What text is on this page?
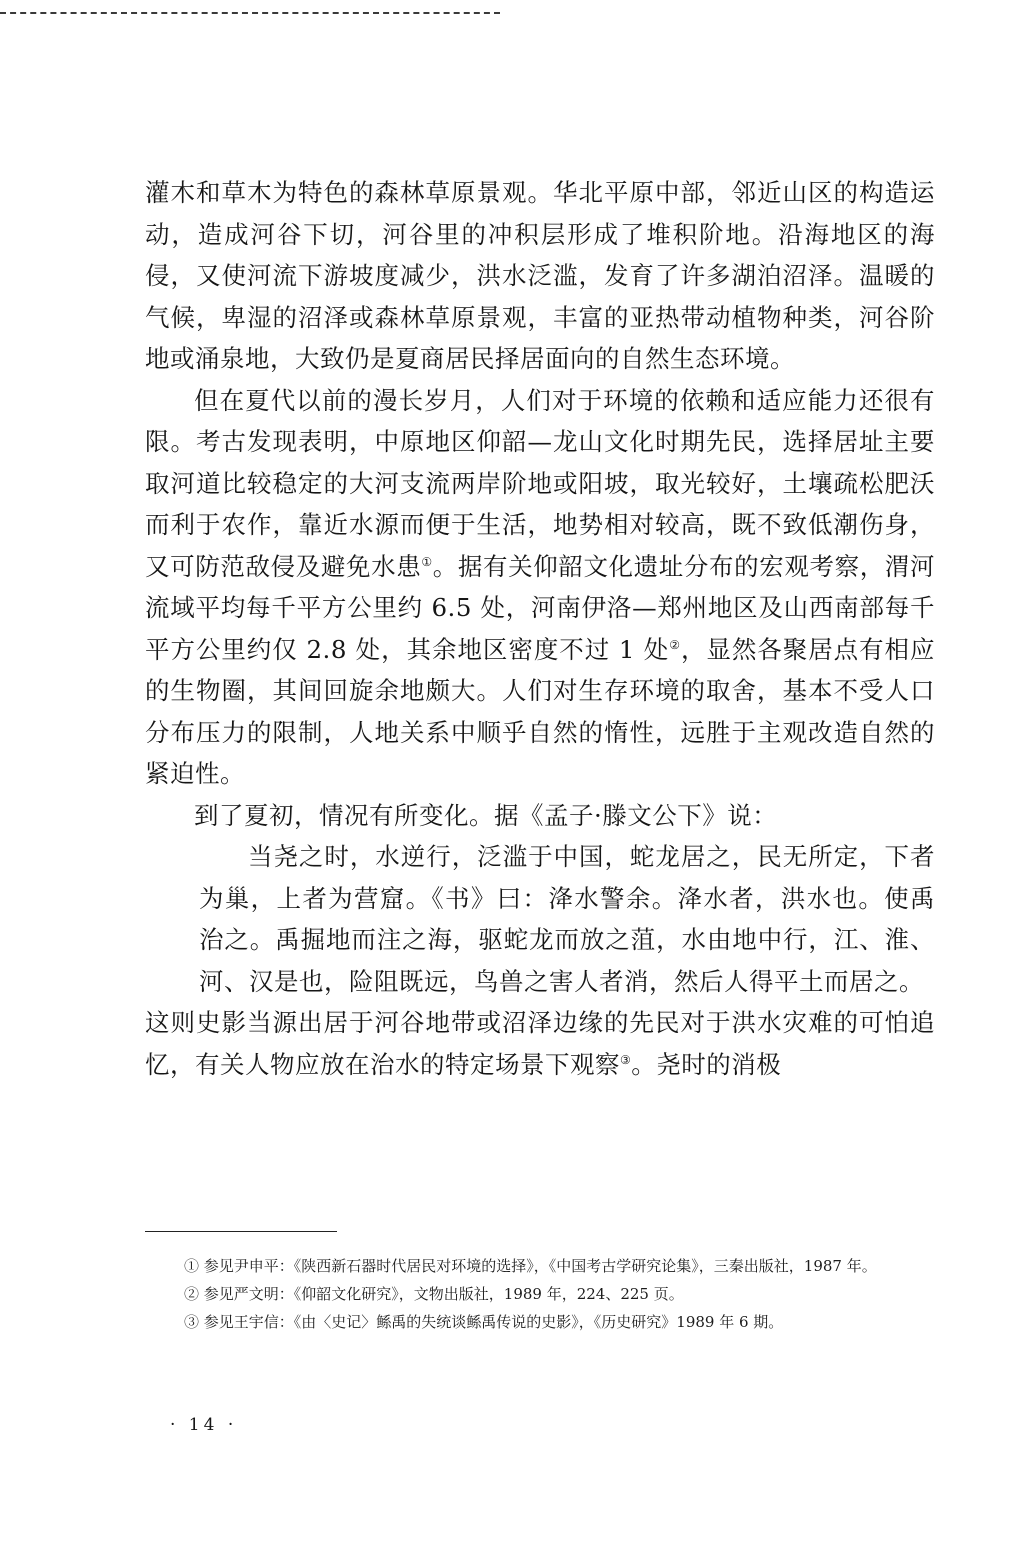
灌木和草木为特色的森林草原景观。华北平原中部，邻近山区的构造运动，造成河谷下切，河谷里的冲积层形成了堆积阶地。沿海地区的海侵，又使河流下游坡度减少，洪水泛滥，发育了许多湖泊沼泽。温暖的气候，卑湿的沼泽或森林草原景观，丰富的亚热带动植物种类，河谷阶地或涌泉地，大致仍是夏商居民择居面向的自然生态环境。

但在夏代以前的漫长岁月，人们对于环境的依赖和适应能力还很有限。考古发现表明，中原地区仰韶—龙山文化时期先民，选择居址主要取河道比较稳定的大河支流两岸阶地或阳坡，取光较好，土壤疏松肥沃而利于农作，靠近水源而便于生活，地势相对较高，既不致低潮伤身，又可防范敌侵及避免水患①。据有关仰韶文化遗址分布的宏观考察，渭河流域平均每千平方公里约 6.5 处，河南伊洛—郑州地区及山西南部每千平方公里约仅 2.8 处，其余地区密度不过 1 处②，显然各聚居点有相应的生物圈，其间回旋余地颇大。人们对生存环境的取舍，基本不受人口分布压力的限制，人地关系中顺乎自然的惰性，远胜于主观改造自然的紧迫性。

到了夏初，情况有所变化。据《孟子·滕文公下》说：

当尧之时，水逆行，泛滥于中国，蛇龙居之，民无所定，下者为巢，上者为营窟。《书》曰：洚水警余。洚水者，洪水也。使禹治之。禹掘地而注之海，驱蛇龙而放之菹，水由地中行，江、淮、河、汉是也，险阻既远，鸟兽之害人者消，然后人得平土而居之。

这则史影当源出居于河谷地带或沼泽边缘的先民对于洪水灾难的可怕追忆，有关人物应放在治水的特定场景下观察③。尧时的消极

① 参见尹申平：《陕西新石器时代居民对环境的选择》，《中国考古学研究论集》，三秦出版社，1987 年。

② 参见严文明：《仰韶文化研究》，文物出版社，1989 年，224、225 页。

③ 参见王宇信：《由〈史记〉鲧禹的失统谈鲧禹传说的史影》，《历史研究》1989 年 6 期。

· 14 ·
